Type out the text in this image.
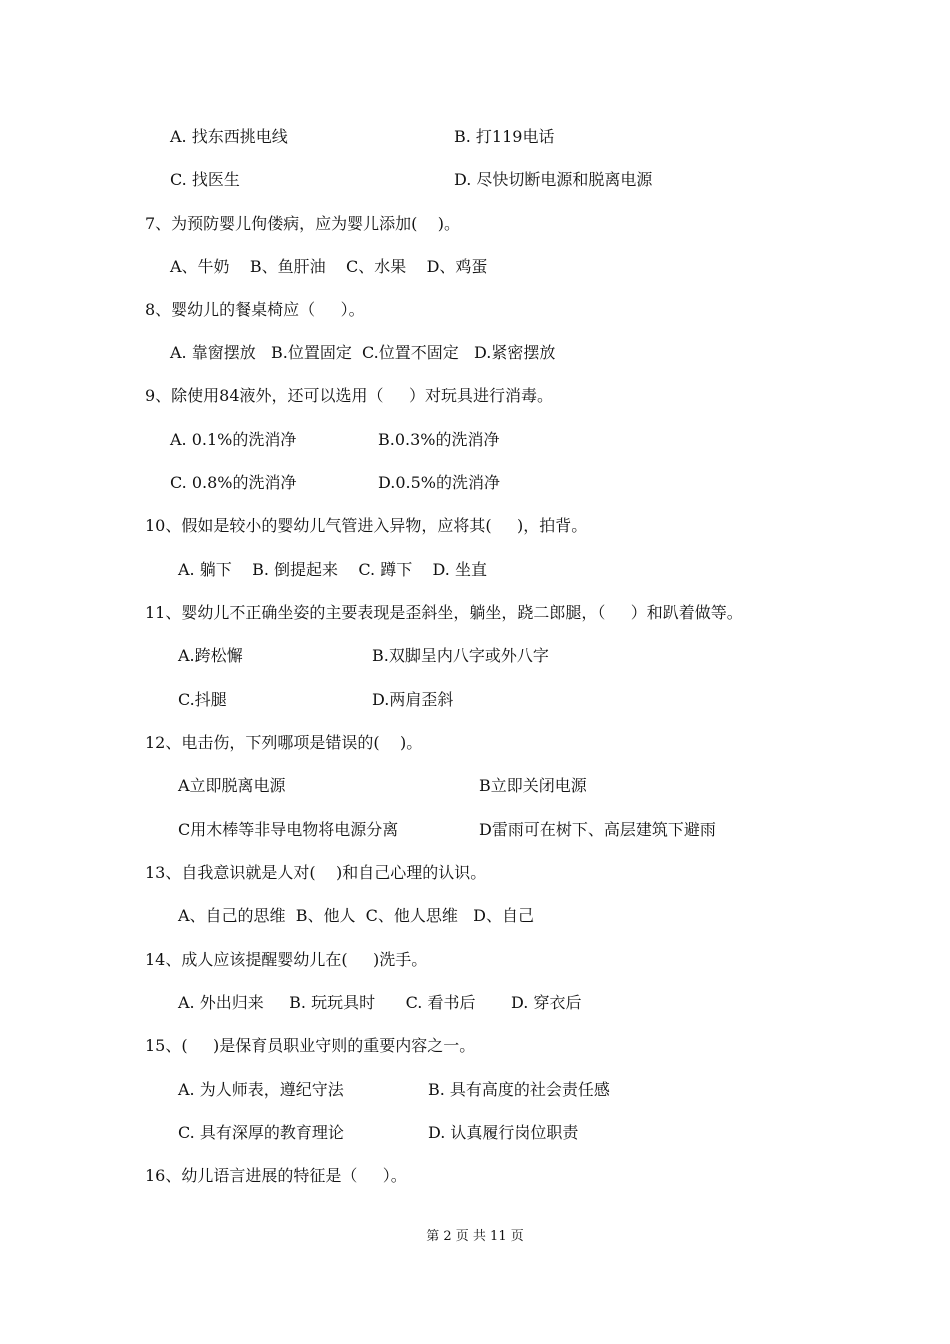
A. 找东西挑电线	B. 打119电话
C. 找医生	D. 尽快切断电源和脱离电源
7、为预防婴儿佝偻病，应为婴儿添加(    )。
A、牛奶    B、鱼肝油    C、水果    D、鸡蛋
8、婴幼儿的餐桌椅应（     ）。
A. 靠窗摆放   B.位置固定  C.位置不固定   D.紧密摆放
9、除使用84液外，还可以选用（     ）对玩具进行消毒。
A. 0.1%的洗消净	B.0.3%的洗消净
C. 0.8%的洗消净	D.0.5%的洗消净
10、假如是较小的婴幼儿气管进入异物，应将其(     )，拍背。
A. 躺下    B. 倒提起来    C. 蹲下    D. 坐直
11、婴幼儿不正确坐姿的主要表现是歪斜坐，躺坐，跷二郎腿，（     ）和趴着做等。
A.跨松懈	B.双脚呈内八字或外八字
C.抖腿	D.两肩歪斜
12、电击伤，下列哪项是错误的(    )。
A立即脱离电源	B立即关闭电源
C用木棒等非导电物将电源分离	D雷雨可在树下、高层建筑下避雨
13、自我意识就是人对(    )和自己心理的认识。
A、自己的思维  B、他人  C、他人思维   D、自己
14、成人应该提醒婴幼儿在(     )洗手。
A. 外出归来     B. 玩玩具时      C. 看书后       D. 穿衣后
15、(     )是保育员职业守则的重要内容之一。
A. 为人师表，遵纪守法	B. 具有高度的社会责任感
C. 具有深厚的教育理论	D. 认真履行岗位职责
16、幼儿语言进展的特征是（     ）。
第 2 页 共 11 页
